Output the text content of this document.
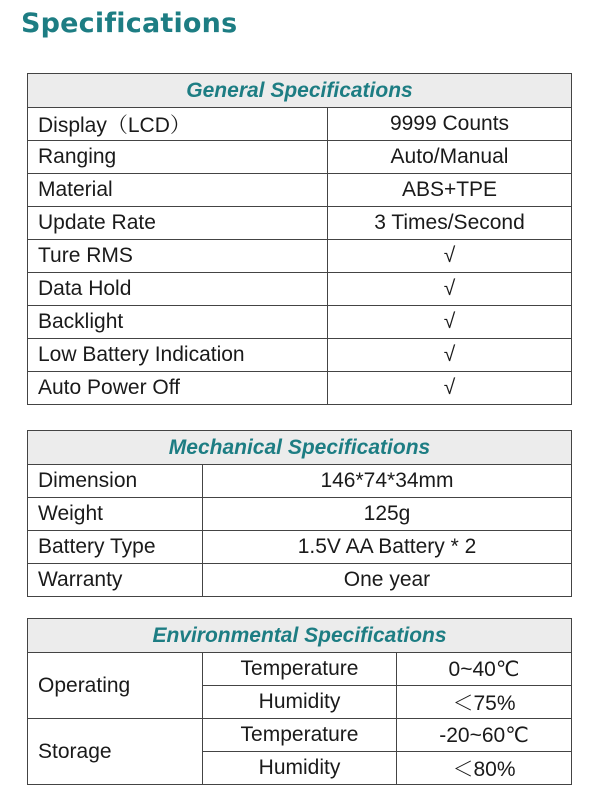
Specifications
General Specifications	
Display（LCD）	9999 Counts
Ranging	Auto/Manual
Material	ABS+TPE
Update Rate	3 Times/Second
Ture RMS	√
Data Hold	√
Backlight	√
Low Battery Indication	√
Auto Power Off	√
Mechanical Specifications	
Dimension	146*74*34mm
Weight	125g
Battery Type	1.5V AA Battery * 2
Warranty	One year
Environmental Specifications		
Operating	Temperature	0~40℃
	Humidity	＜75%
Storage	Temperature	-20~60℃
	Humidity	＜80%
